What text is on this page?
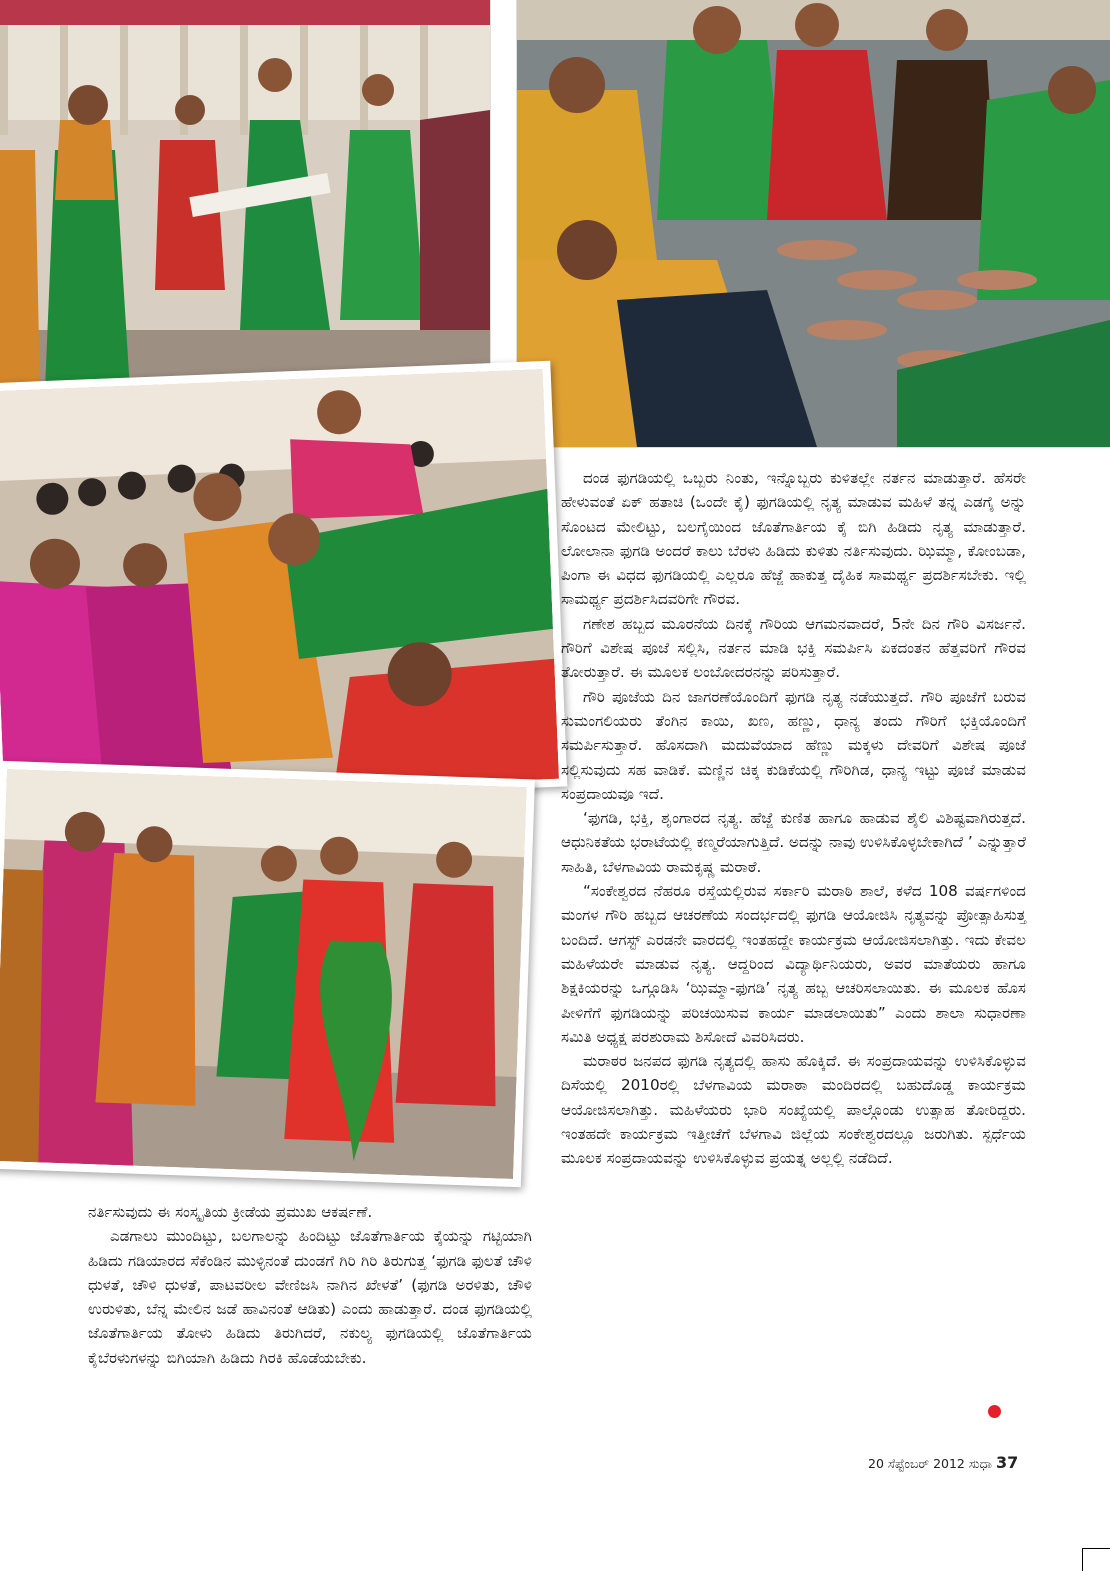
ದಂಡ ಫುಗಡಿಯಲ್ಲಿ ಒಬ್ಬರು ನಿಂತು, ಇನ್ನೊಬ್ಬರು ಕುಳಿತಲ್ಲೇ ನರ್ತನ ಮಾಡುತ್ತಾರೆ. ಹೆಸರೇ ಹೇಳುವಂತೆ ಏಕ್ ಹತಾಚಿ (ಒಂದೇ ಕೈ) ಫುಗಡಿಯಲ್ಲಿ ನೃತ್ಯ ಮಾಡುವ ಮಹಿಳೆ ತನ್ನ ಎಡಗೈ ಅನ್ನು ಸೊಂಟದ ಮೇಲಿಟ್ಟು, ಬಲಗೈಯಿಂದ ಜೊತೆಗಾರ್ತಿಯ ಕೈ ಬಿಗಿ ಹಿಡಿದು ನೃತ್ಯ ಮಾಡುತ್ತಾರೆ. ಲೋಲಾನಾ ಫುಗಡಿ ಅಂದರೆ ಕಾಲು ಬೆರಳು ಹಿಡಿದು ಕುಳಿತು ನರ್ತಿಸುವುದು. ಝಿಮ್ಮಾ, ಕೋಂಬಡಾ, ಪಿಂಗಾ ಈ ವಿಧದ ಫುಗಡಿಯಲ್ಲಿ ಎಲ್ಲರೂ ಹೆಜ್ಜೆ ಹಾಕುತ್ತ ದೈಹಿಕ ಸಾಮರ್ಥ್ಯ ಪ್ರದರ್ಶಿಸಬೇಕು. ಇಲ್ಲಿ ಸಾಮರ್ಥ್ಯ ಪ್ರದರ್ಶಿಸಿದವರಿಗೇ ಗೌರವ.

ಗಣೇಶ ಹಬ್ಬದ ಮೂರನೆಯ ದಿನಕ್ಕೆ ಗೌರಿಯ ಆಗಮನವಾದರೆ, 5ನೇ ದಿನ ಗೌರಿ ವಿಸರ್ಜನೆ. ಗೌರಿಗೆ ವಿಶೇಷ ಪೂಜೆ ಸಲ್ಲಿಸಿ, ನರ್ತನ ಮಾಡಿ ಭಕ್ತಿ ಸಮರ್ಪಿಸಿ ಏಕದಂತನ ಹೆತ್ತವರಿಗೆ ಗೌರವ ತೋರುತ್ತಾರೆ. ಈ ಮೂಲಕ ಲಂಬೋದರನನ್ನು ಪರಿಸುತ್ತಾರೆ.

ಗೌರಿ ಪೂಜೆಯ ದಿನ ಜಾಗರಣೆಯೊಂದಿಗೆ ಫುಗಡಿ ನೃತ್ಯ ನಡೆಯುತ್ತದೆ. ಗೌರಿ ಪೂಜೆಗೆ ಬರುವ ಸುಮಂಗಲಿಯರು ತೆಂಗಿನ ಕಾಯಿ, ಖಣ, ಹಣ್ಣು, ಧಾನ್ಯ ತಂದು ಗೌರಿಗೆ ಭಕ್ತಿಯೊಂದಿಗೆ ಸಮರ್ಪಿಸುತ್ತಾರೆ. ಹೊಸದಾಗಿ ಮದುವೆಯಾದ ಹೆಣ್ಣು ಮಕ್ಕಳು ದೇವರಿಗೆ ವಿಶೇಷ ಪೂಜೆ ಸಲ್ಲಿಸುವುದು ಸಹ ವಾಡಿಕೆ. ಮಣ್ಣಿನ ಚಿಕ್ಕ ಕುಡಿಕೆಯಲ್ಲಿ ಗೌರಿಗಿಡ, ಧಾನ್ಯ ಇಟ್ಟು ಪೂಜೆ ಮಾಡುವ ಸಂಪ್ರದಾಯವೂ ಇದೆ.

‘ಫುಗಡಿ, ಭಕ್ತಿ, ಶೃಂಗಾರದ ನೃತ್ಯ. ಹೆಜ್ಜೆ ಕುಣಿತ ಹಾಗೂ ಹಾಡುವ ಶೈಲಿ ವಿಶಿಷ್ಟವಾಗಿರುತ್ತದೆ. ಆಧುನಿಕತೆಯ ಭರಾಟೆಯಲ್ಲಿ ಕಣ್ಮರೆಯಾಗುತ್ತಿದೆ. ಅದನ್ನು ನಾವು ಉಳಿಸಿಕೊಳ್ಳಬೇಕಾಗಿದೆ ’ ಎನ್ನುತ್ತಾರೆ ಸಾಹಿತಿ, ಬೆಳಗಾವಿಯ ರಾಮಕೃಷ್ಣ ಮರಾಠೆ.

“ಸಂಕೇಶ್ವರದ ನೆಹರೂ ರಸ್ತೆಯಲ್ಲಿರುವ ಸರ್ಕಾರಿ ಮರಾಠಿ ಶಾಲೆ, ಕಳೆದ 108 ವರ್ಷಗಳಿಂದ ಮಂಗಳ ಗೌರಿ ಹಬ್ಬದ ಆಚರಣೆಯ ಸಂದರ್ಭದಲ್ಲಿ ಫುಗಡಿ ಆಯೋಜಿಸಿ ನೃತ್ಯವನ್ನು ಪ್ರೋತ್ಸಾಹಿಸುತ್ತ ಬಂದಿದೆ. ಆಗಸ್ಟ್ ಎರಡನೇ ವಾರದಲ್ಲಿ ಇಂತಹದ್ದೇ ಕಾರ್ಯಕ್ರಮ ಆಯೋಜಿಸಲಾಗಿತ್ತು. ಇದು ಕೇವಲ ಮಹಿಳೆಯರೇ ಮಾಡುವ ನೃತ್ಯ. ಆದ್ದರಿಂದ ವಿದ್ಯಾರ್ಥಿನಿಯರು, ಅವರ ಮಾತೆಯರು ಹಾಗೂ ಶಿಕ್ಷಕಿಯರನ್ನು ಒಗ್ಗೂಡಿಸಿ ‘ಝಿಮ್ಮಾ-ಫುಗಡಿ’ ನೃತ್ಯ ಹಬ್ಬ ಆಚರಿಸಲಾಯಿತು. ಈ ಮೂಲಕ ಹೊಸ ಪೀಳಿಗೆಗೆ ಫುಗಡಿಯನ್ನು ಪರಿಚಯಿಸುವ ಕಾರ್ಯ ಮಾಡಲಾಯಿತು” ಎಂದು ಶಾಲಾ ಸುಧಾರಣಾ ಸಮಿತಿ ಅಧ್ಯಕ್ಷ ಪರಶುರಾಮ ಶಿಸೋದೆ ವಿವರಿಸಿದರು.

ಮರಾಠರ ಜನಪದ ಫುಗಡಿ ನೃತ್ಯದಲ್ಲಿ ಹಾಸು ಹೊಕ್ಕಿದೆ. ಈ ಸಂಪ್ರದಾಯವನ್ನು ಉಳಿಸಿಕೊಳ್ಳುವ ದಿಸೆಯಲ್ಲಿ 2010ರಲ್ಲಿ ಬೆಳಗಾವಿಯ ಮರಾಠಾ ಮಂದಿರದಲ್ಲಿ ಬಹುದೊಡ್ಡ ಕಾರ್ಯಕ್ರಮ ಆಯೋಜಿಸಲಾಗಿತ್ತು. ಮಹಿಳೆಯರು ಭಾರಿ ಸಂಖ್ಯೆಯಲ್ಲಿ ಪಾಲ್ಗೊಂಡು ಉತ್ಸಾಹ ತೋರಿದ್ದರು. ಇಂತಹದೇ ಕಾರ್ಯಕ್ರಮ ಇತ್ತೀಚೆಗೆ ಬೆಳಗಾವಿ ಜಿಲ್ಲೆಯ ಸಂಕೇಶ್ವರದಲ್ಲೂ ಜರುಗಿತು. ಸ್ಪರ್ಧೆಯ ಮೂಲಕ ಸಂಪ್ರದಾಯವನ್ನು ಉಳಿಸಿಕೊಳ್ಳುವ ಪ್ರಯತ್ನ ಅಲ್ಲಲ್ಲಿ ನಡೆದಿದೆ.

ನರ್ತಿಸುವುದು ಈ ಸಂಸ್ಕೃತಿಯ ಕ್ರೀಡೆಯ ಪ್ರಮುಖ ಆಕರ್ಷಣೆ.

ಎಡಗಾಲು ಮುಂದಿಟ್ಟು, ಬಲಗಾಲನ್ನು ಹಿಂದಿಟ್ಟು ಜೊತೆಗಾರ್ತಿಯ ಕೈಯನ್ನು ಗಟ್ಟಿಯಾಗಿ ಹಿಡಿದು ಗಡಿಯಾರದ ಸೆಕೆಂಡಿನ ಮುಳ್ಳಿನಂತೆ ದುಂಡಗೆ ಗಿರಿ ಗಿರಿ ತಿರುಗುತ್ತ ‘ಫುಗಡಿ ಫುಲತೆ ಚೌಳಿ ಧುಳತೆ, ಚೌಳಿ ಧುಳತೆ, ಪಾಟವರೀಲ ವೇಣಿಜಸಿ ನಾಗಿನ ಖೇಳತೆ’ (ಫುಗಡಿ ಅರಳಿತು, ಚೌಳಿ ಉರುಳಿತು, ಬೆನ್ನ ಮೇಲಿನ ಜಡೆ ಹಾವಿನಂತೆ ಆಡಿತು) ಎಂದು ಹಾಡುತ್ತಾರೆ. ದಂಡ ಫುಗಡಿಯಲ್ಲಿ ಜೊತೆಗಾರ್ತಿಯ ತೋಳು ಹಿಡಿದು ತಿರುಗಿದರೆ, ನಕುಲ್ಯ ಫುಗಡಿಯಲ್ಲಿ ಜೊತೆಗಾರ್ತಿಯ ಕೈಬೆರಳುಗಳನ್ನು ಬಿಗಿಯಾಗಿ ಹಿಡಿದು ಗಿರಕಿ ಹೊಡೆಯಬೇಕು.

20 ಸೆಪ್ಟೆಂಬರ್ 2012 ಸುಧಾ 37
